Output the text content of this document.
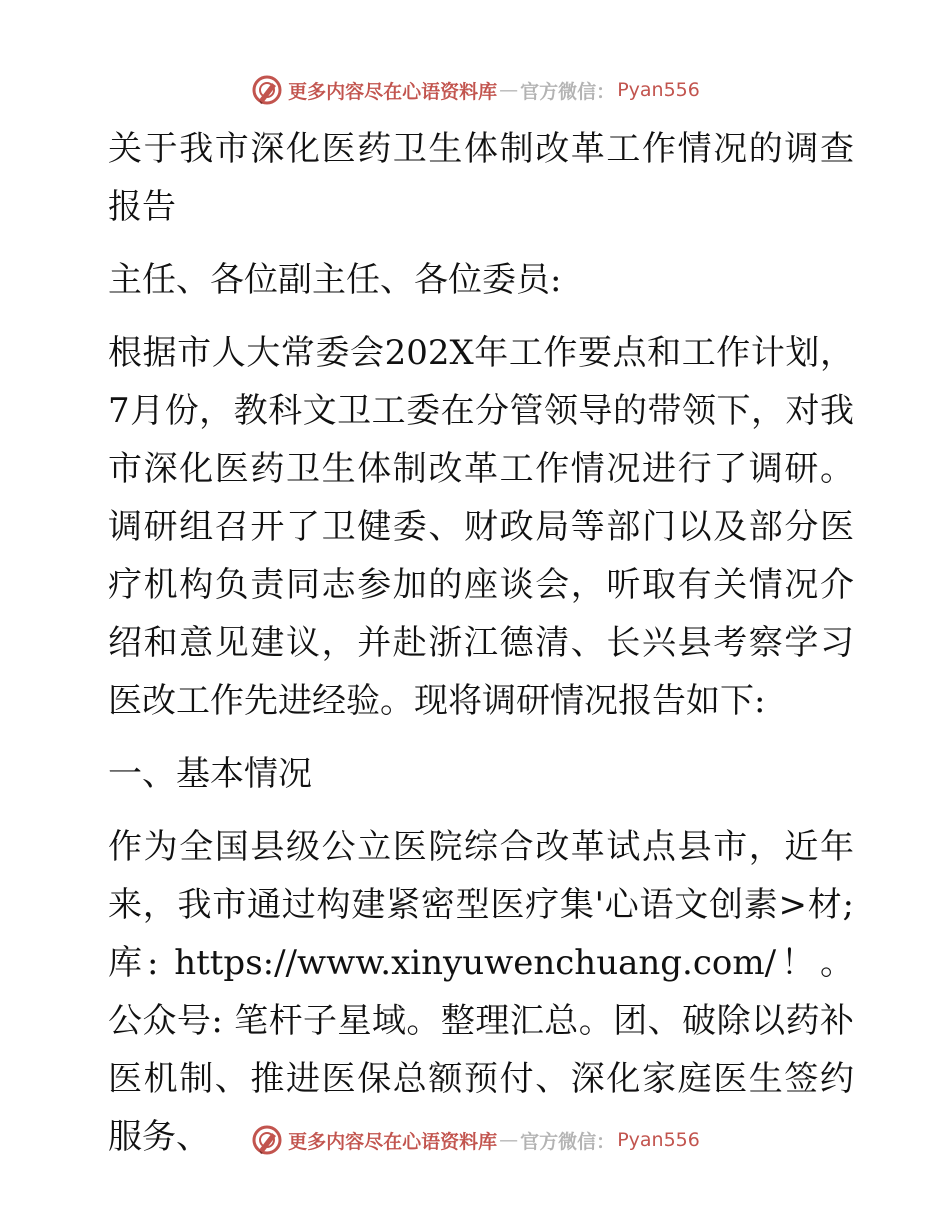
更多内容尽在心语资料库 — 官方微信： Pyan556

关于我市深化医药卫生体制改革工作情况的调查报告

主任、各位副主任、各位委员:

根据市人大常委会202X年工作要点和工作计划，7月份，教科文卫工委在分管领导的带领下，对我市深化医药卫生体制改革工作情况进行了调研。调研组召开了卫健委、财政局等部门以及部分医疗机构负责同志参加的座谈会，听取有关情况介绍和意见建议，并赴浙江德清、长兴县考察学习医改工作先进经验。现将调研情况报告如下:

一、基本情况

作为全国县级公立医院综合改革试点县市，近年来，我市通过构建紧密型医疗集'心语文创素>材;库: https://www.xinyuwenchuang.com/！。公众号: 笔杆子星域。整理汇总。团、破除以药补医机制、推进医保总额预付、深化家庭医生签约服务、	更多内容尽在心语资料库 — 官方微信： Pyan556
